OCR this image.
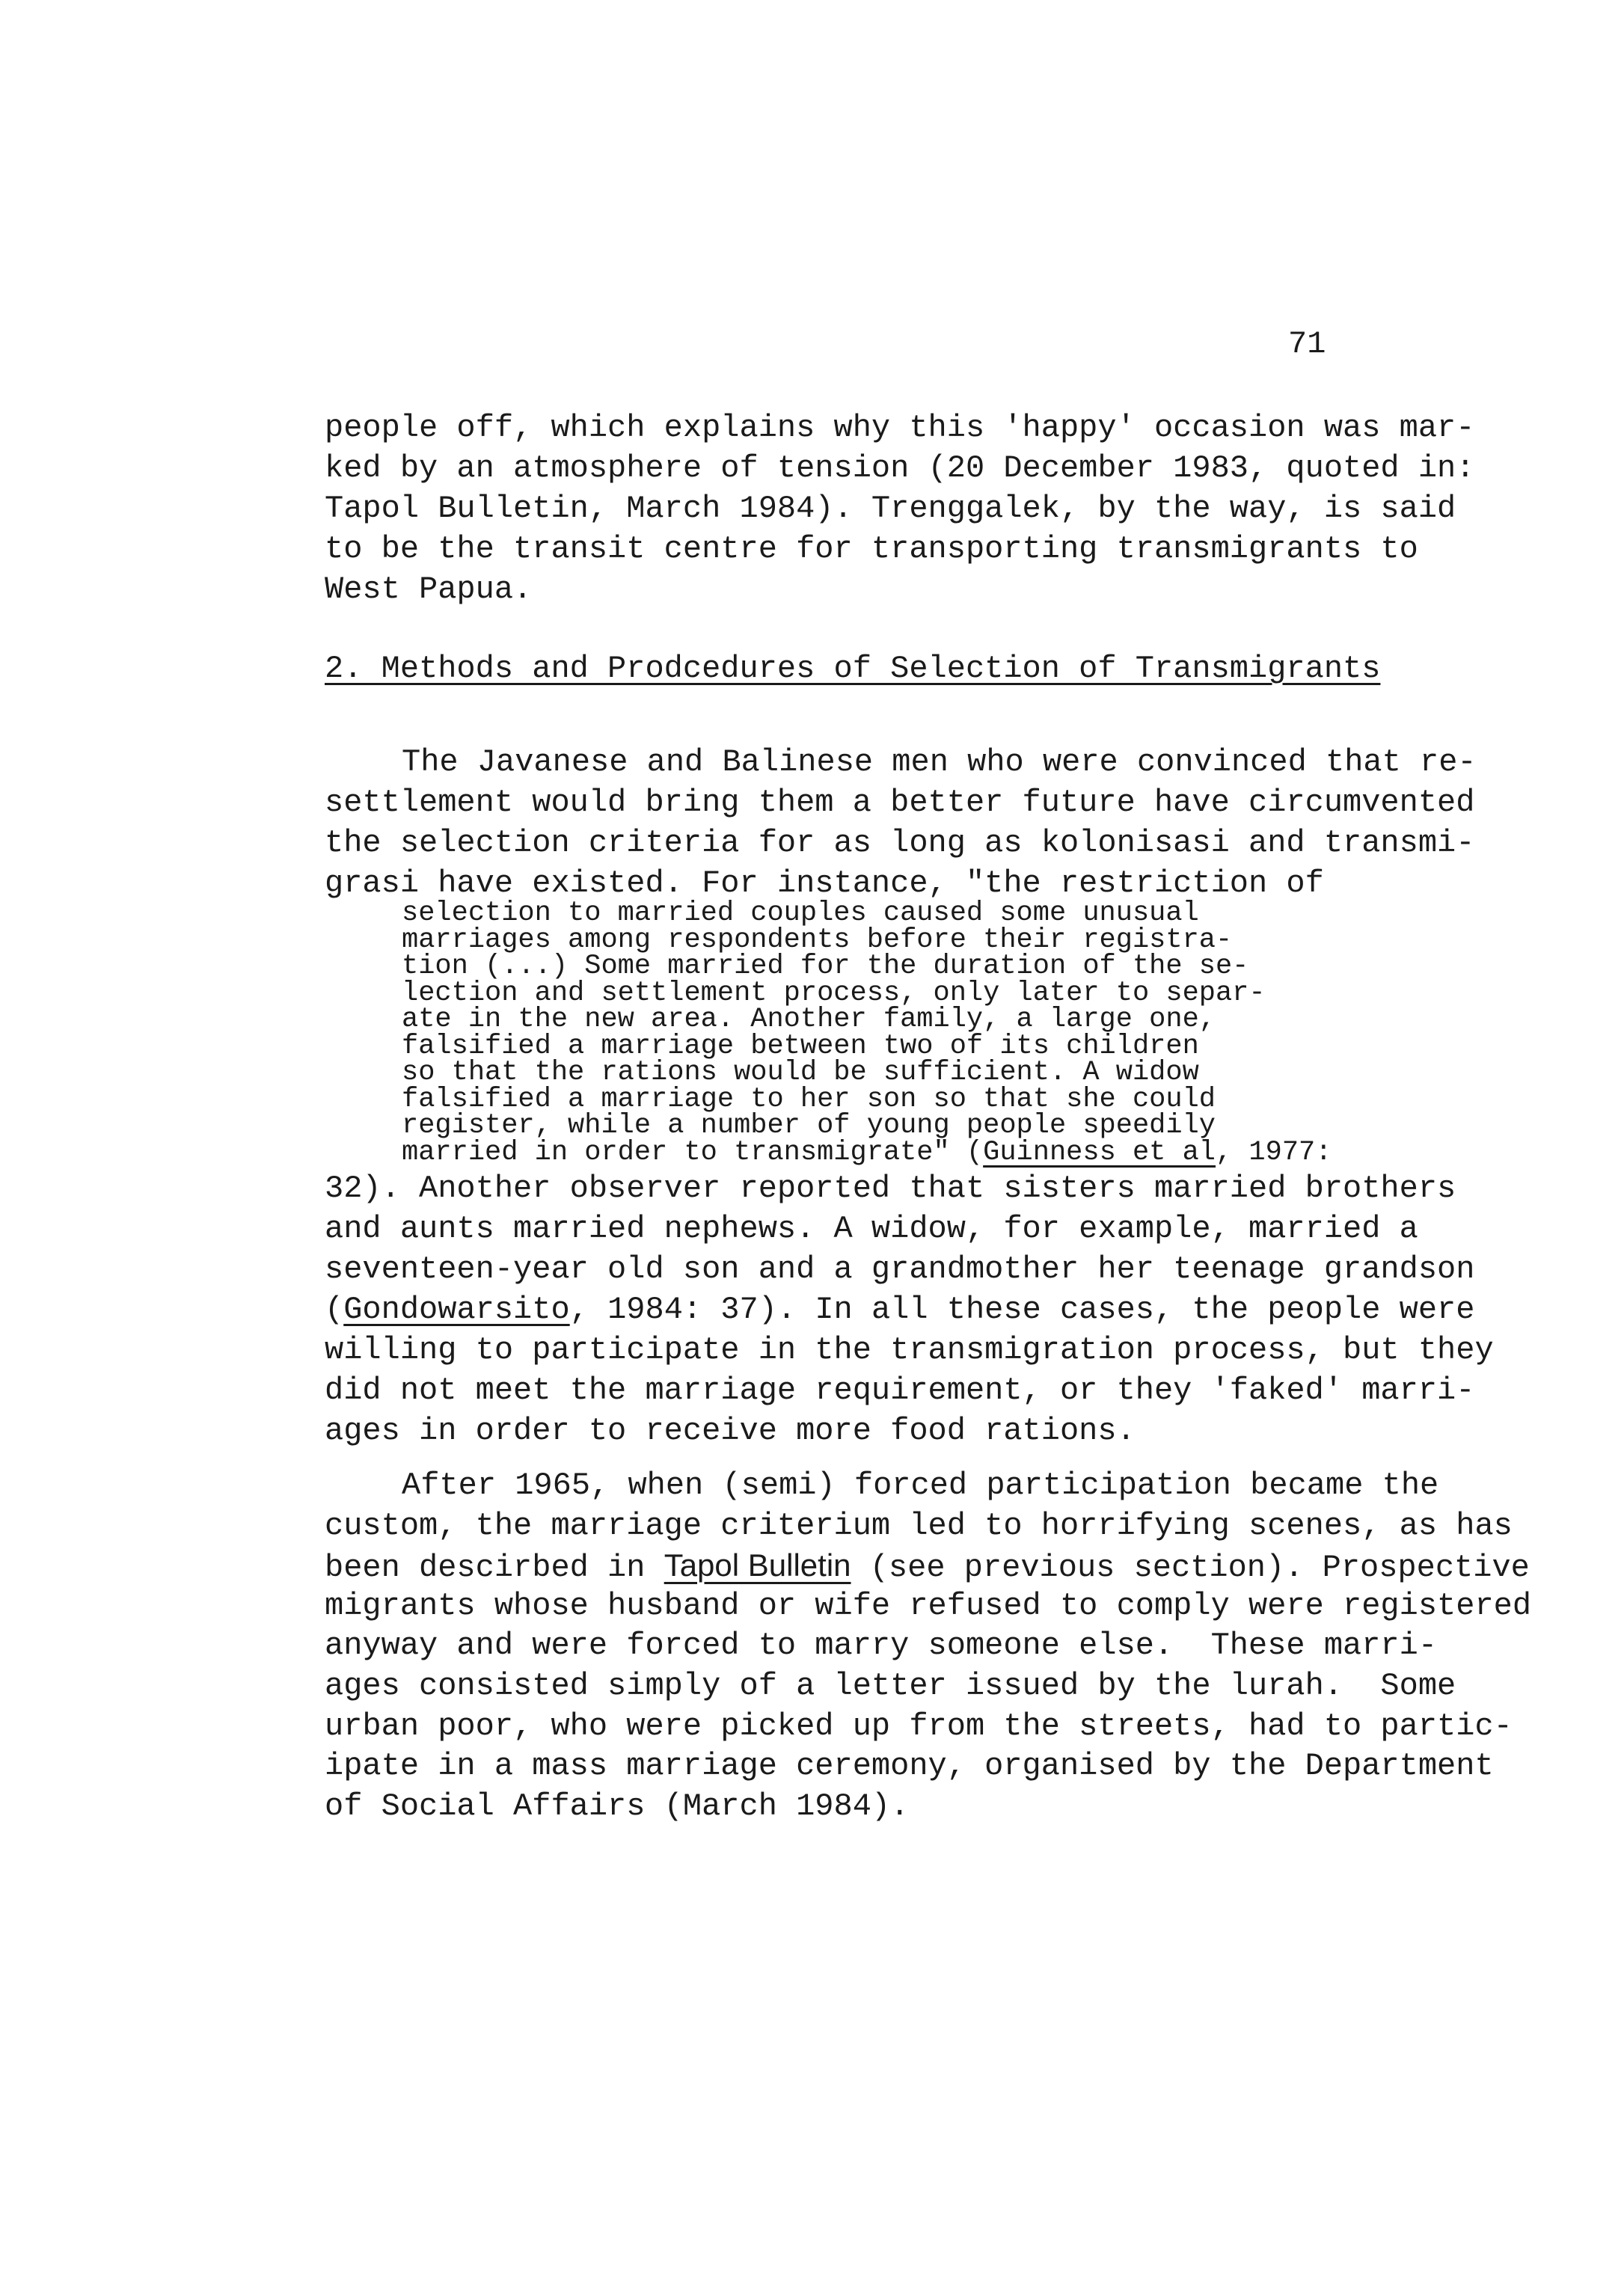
71
2. Methods and Prodcedures of Selection of Transmigrants
people off, which explains why this 'happy' occasion was mar-
ked by an atmosphere of tension (20 December 1983, quoted in:
Tapol Bulletin, March 1984). Trenggalek, by the way, is said
to be the transit centre for transporting transmigrants to
West Papua.
The Javanese and Balinese men who were convinced that re-
settlement would bring them a better future have circumvented
the selection criteria for as long as kolonisasi and transmi-
grasi have existed. For instance, "the restriction of
selection to married couples caused some unusual
marriages among respondents before their registra-
tion (...) Some married for the duration of the se-
lection and settlement process, only later to separ-
ate in the new area. Another family, a large one,
falsified a marriage between two of its children
so that the rations would be sufficient. A widow
falsified a marriage to her son so that she could
register, while a number of young people speedily
married in order to transmigrate" (Guinness et al, 1977:
32). Another observer reported that sisters married brothers
and aunts married nephews. A widow, for example, married a
seventeen-year old son and a grandmother her teenage grandson
(Gondowarsito, 1984: 37). In all these cases, the people were
willing to participate in the transmigration process, but they
did not meet the marriage requirement, or they 'faked' marri-
ages in order to receive more food rations.
After 1965, when (semi) forced participation became the
custom, the marriage criterium led to horrifying scenes, as has
been descirbed in Tapol Bulletin (see previous section). Prospective
migrants whose husband or wife refused to comply were registered
anyway and were forced to marry someone else.  These marri-
ages consisted simply of a letter issued by the lurah.  Some
urban poor, who were picked up from the streets, had to partic-
ipate in a mass marriage ceremony, organised by the Department
of Social Affairs (March 1984).
